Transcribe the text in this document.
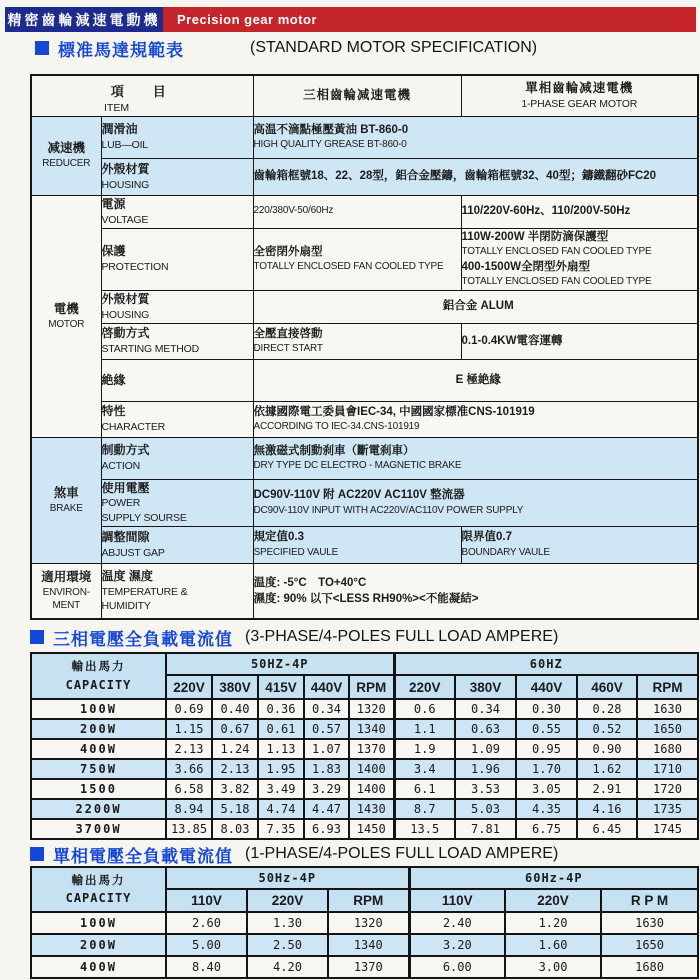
精密齒輪減速電動機	Precision gear motor
標准馬達規範表	(STANDARD MOTOR SPECIFICATION)
項　目
ITEM		三相齒輪减速電機	單相齒輪减速電機
1-PHASE GEAR MOTOR

减速機
REDUCER	潤滑油
LUB—OIL	高温不滴點極壓黃油 BT-860-0
HIGH QUALITY GREASE BT-860-0	

	外殼材質
HOUSING	齒輪箱框號18、22、28型，鋁合金壓鑄，齒輪箱框號32、40型；鑄鐵翻砂FC20	

電機
MOTOR	電源
VOLTAGE	220/380V-50/60Hz	110/220V-60Hz、110/200V-50Hz

	保護
PROTECTION	全密閉外扇型
TOTALLY ENCLOSED FAN COOLED TYPE	110W-200W 半閉防滴保護型
TOTALLY ENCLOSED FAN COOLED TYPE
400-1500W全閉型外扇型
TOTALLY ENCLOSED FAN COOLED TYPE

	外殼材質
HOUSING	鋁合金 ALUM	

	啓動方式
STARTING METHOD	全壓直接啓動
DIRECT START	0.1-0.4KW電容運轉

	絶緣	E 極絶緣	

	特性
CHARACTER	依據國際電工委員會IEC-34, 中國國家標准CNS-101919
ACCORDING TO IEC-34.CNS-101919	

煞車
BRAKE	制動方式
ACTION	無激磁式制動刹車（斷電刹車）
DRY TYPE DC ELECTRO - MAGNETIC BRAKE	

	使用電壓
POWER
SUPPLY SOURSE	DC90V-110V 附 AC220V AC110V 整流器
DC90V-110V INPUT WITH AC220V/AC110V POWER SUPPLY	

	調整間隙
ABJUST GAP	規定值0.3
SPECIFIED VAULE	限界值0.7
BOUNDARY VAULE

適用環境
ENVIRON-
MENT	温度 濕度
TEMPERATURE &
HUMIDITY	温度: -5°C　TO+40°C
濕度: 90% 以下<LESS RH90%><不能凝結>	
三相電壓全負載電流值 (3-PHASE/4-POLES FULL LOAD AMPERE)
輸出馬力
CAPACITY	50HZ-4P					60HZ				
	220V	380V	415V	440V	RPM	220V	380V	440V	460V	RPM
100W	0.69	0.40	0.36	0.34	1320	0.6	0.34	0.30	0.28	1630
200W	1.15	0.67	0.61	0.57	1340	1.1	0.63	0.55	0.52	1650
400W	2.13	1.24	1.13	1.07	1370	1.9	1.09	0.95	0.90	1680
750W	3.66	2.13	1.95	1.83	1400	3.4	1.96	1.70	1.62	1710
1500	6.58	3.82	3.49	3.29	1400	6.1	3.53	3.05	2.91	1720
2200W	8.94	5.18	4.74	4.47	1430	8.7	5.03	4.35	4.16	1735
3700W	13.85	8.03	7.35	6.93	1450	13.5	7.81	6.75	6.45	1745
單相電壓全負載電流值 (1-PHASE/4-POLES FULL LOAD AMPERE)
輸出馬力
CAPACITY	50Hz-4P			60Hz-4P		
	110V	220V	RPM	110V	220V	R P M
100W	2.60	1.30	1320	2.40	1.20	1630
200W	5.00	2.50	1340	3.20	1.60	1650
400W	8.40	4.20	1370	6.00	3.00	1680
